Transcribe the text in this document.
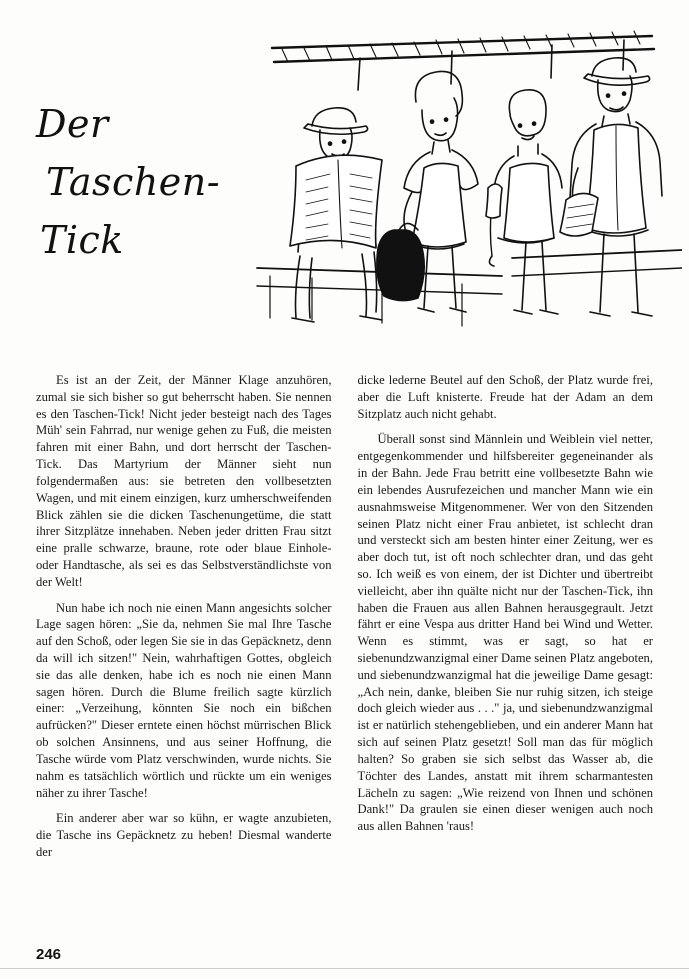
Der
Taschen-
Tick

Es ist an der Zeit, der Männer Klage anzuhören, zumal sie sich bisher so gut beherrscht haben. Sie nennen es den Taschen-Tick! Nicht jeder besteigt nach des Tages Müh' sein Fahrrad, nur wenige gehen zu Fuß, die meisten fahren mit einer Bahn, und dort herrscht der Taschen-Tick. Das Martyrium der Männer sieht nun folgendermaßen aus: sie betreten den vollbesetzten Wagen, und mit einem einzigen, kurz umherschweifenden Blick zählen sie die dicken Taschenungetüme, die statt ihrer Sitzplätze innehaben. Neben jeder dritten Frau sitzt eine pralle schwarze, braune, rote oder blaue Einhole- oder Handtasche, als sei es das Selbstverständlichste von der Welt!

Nun habe ich noch nie einen Mann angesichts solcher Lage sagen hören: „Sie da, nehmen Sie mal Ihre Tasche auf den Schoß, oder legen Sie sie in das Gepäcknetz, denn da will ich sitzen!" Nein, wahrhaftigen Gottes, obgleich sie das alle denken, habe ich es noch nie einen Mann sagen hören. Durch die Blume freilich sagte kürzlich einer: „Verzeihung, könnten Sie noch ein bißchen aufrücken?" Dieser erntete einen höchst mürrischen Blick ob solchen Ansinnens, und aus seiner Hoffnung, die Tasche würde vom Platz verschwinden, wurde nichts. Sie nahm es tatsächlich wörtlich und rückte um ein weniges näher zu ihrer Tasche!

Ein anderer aber war so kühn, er wagte anzubieten, die Tasche ins Gepäcknetz zu heben! Diesmal wanderte der

dicke lederne Beutel auf den Schoß, der Platz wurde frei, aber die Luft knisterte. Freude hat der Adam an dem Sitzplatz auch nicht gehabt.

Überall sonst sind Männlein und Weiblein viel netter, entgegenkommender und hilfsbereiter gegeneinander als in der Bahn. Jede Frau betritt eine vollbesetzte Bahn wie ein lebendes Ausrufezeichen und mancher Mann wie ein ausnahmsweise Mitgenommener. Wer von den Sitzenden seinen Platz nicht einer Frau anbietet, ist schlecht dran und versteckt sich am besten hinter einer Zeitung, wer es aber doch tut, ist oft noch schlechter dran, und das geht so. Ich weiß es von einem, der ist Dichter und übertreibt vielleicht, aber ihn quälte nicht nur der Taschen-Tick, ihn haben die Frauen aus allen Bahnen herausgegrault. Jetzt fährt er eine Vespa aus dritter Hand bei Wind und Wetter. Wenn es stimmt, was er sagt, so hat er siebenundzwanzigmal einer Dame seinen Platz angeboten, und siebenundzwanzigmal hat die jeweilige Dame gesagt: „Ach nein, danke, bleiben Sie nur ruhig sitzen, ich steige doch gleich wieder aus . . ." ja, und siebenundzwanzigmal ist er natürlich stehengeblieben, und ein anderer Mann hat sich auf seinen Platz gesetzt! Soll man das für möglich halten? So graben sie sich selbst das Wasser ab, die Töchter des Landes, anstatt mit ihrem scharmantesten Lächeln zu sagen: „Wie reizend von Ihnen und schönen Dank!" Da graulen sie einen dieser wenigen auch noch aus allen Bahnen 'raus!

246
